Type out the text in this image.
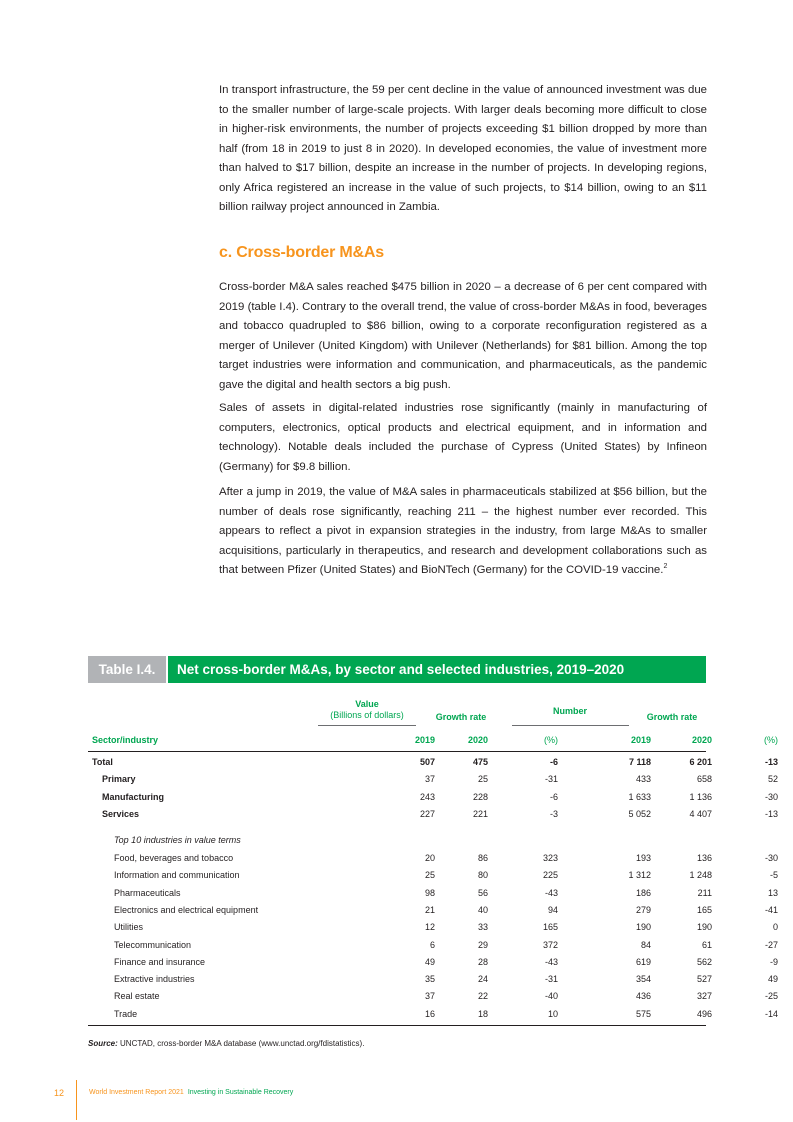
In transport infrastructure, the 59 per cent decline in the value of announced investment was due to the smaller number of large-scale projects. With larger deals becoming more difficult to close in higher-risk environments, the number of projects exceeding $1 billion dropped by more than half (from 18 in 2019 to just 8 in 2020). In developed economies, the value of investment more than halved to $17 billion, despite an increase in the number of projects. In developing regions, only Africa registered an increase in the value of such projects, to $14 billion, owing to an $11 billion railway project announced in Zambia.

c. Cross-border M&As

Cross-border M&A sales reached $475 billion in 2020 – a decrease of 6 per cent compared with 2019 (table I.4). Contrary to the overall trend, the value of cross-border M&As in food, beverages and tobacco quadrupled to $86 billion, owing to a corporate reconfiguration registered as a merger of Unilever (United Kingdom) with Unilever (Netherlands) for $81 billion. Among the top target industries were information and communication, and pharmaceuticals, as the pandemic gave the digital and health sectors a big push.

Sales of assets in digital-related industries rose significantly (mainly in manufacturing of computers, electronics, optical products and electrical equipment, and in information and technology). Notable deals included the purchase of Cypress (United States) by Infineon (Germany) for $9.8 billion.

After a jump in 2019, the value of M&A sales in pharmaceuticals stabilized at $56 billion, but the number of deals rose significantly, reaching 211 – the highest number ever recorded. This appears to reflect a pivot in expansion strategies in the industry, from large M&As to smaller acquisitions, particularly in therapeutics, and research and development collaborations such as that between Pfizer (United States) and BioNTech (Germany) for the COVID-19 vaccine.$^2$

Table I.4.	Net cross-border M&As, by sector and selected industries, 2019–2020
Value
(Billions of dollars)	Growth rate
Number
Growth rate
Sector/industry	2019	2020	(%)	2019	2020	(%)
Total	507	475	-6	7 118	6 201	-13
Primary	37	25	-31	433	658	52
Manufacturing	243	228	-6	1 633	1 136	-30
Services	227	221	-3	5 052	4 407	-13
Top 10 industries in value terms
Food, beverages and tobacco	20	86	323	193	136	-30
Information and communication	25	80	225	1 312	1 248	-5
Pharmaceuticals	98	56	-43	186	211	13
Electronics and electrical equipment	21	40	94	279	165	-41
Utilities	12	33	165	190	190	0
Telecommunication	6	29	372	84	61	-27
Finance and insurance	49	28	-43	619	562	-9
Extractive industries	35	24	-31	354	527	49
Real estate	37	22	-40	436	327	-25
Trade	16	18	10	575	496	-14

Source: UNCTAD, cross-border M&A database (www.unctad.org/fdistatistics).

12	World Investment Report 2021 Investing in Sustainable Recovery
